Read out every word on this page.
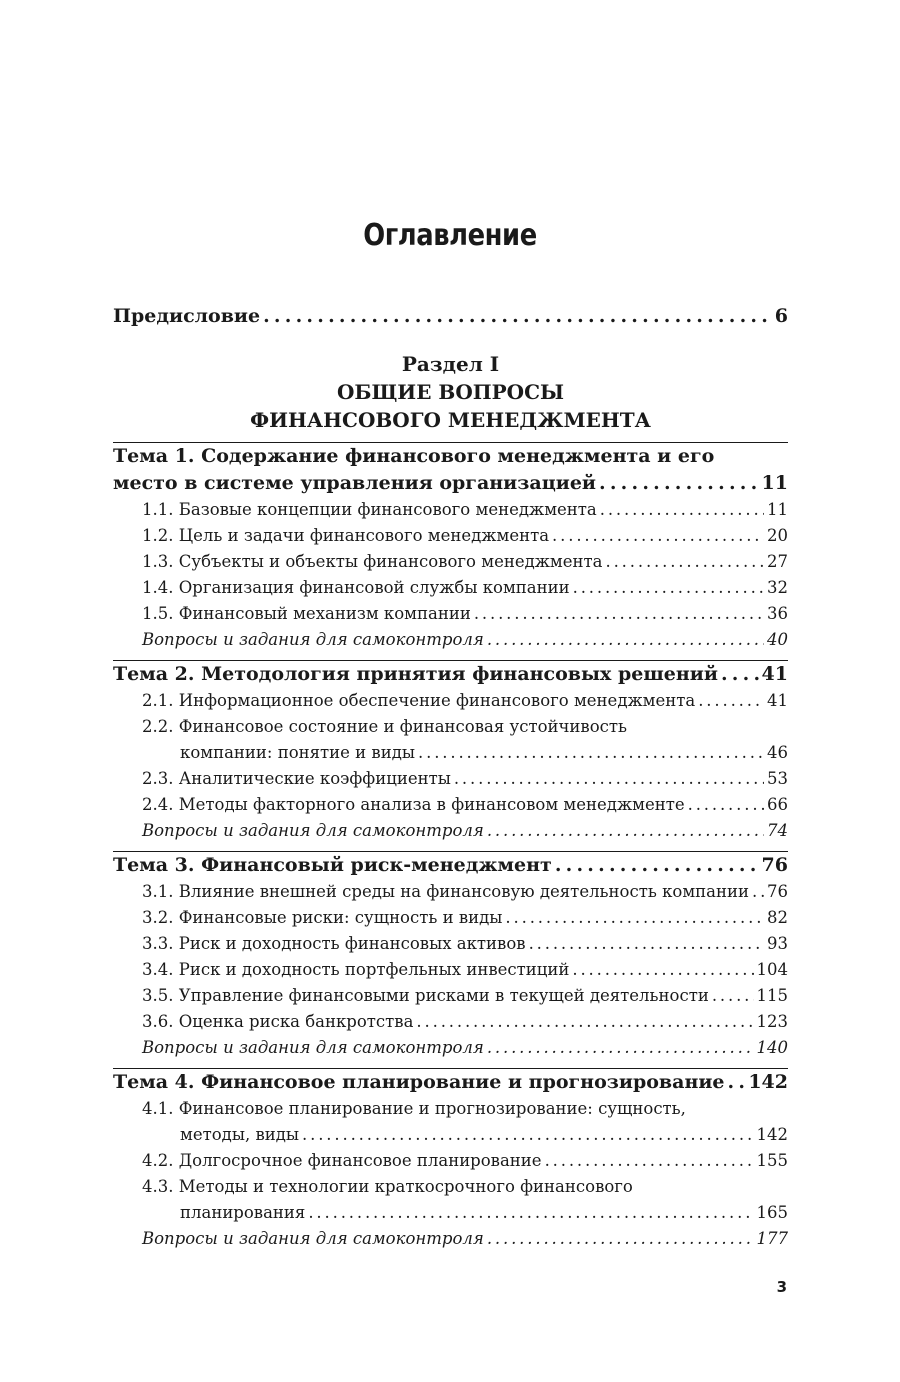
Оглавление
Предисловие . . .	6
Раздел I
ОБЩИЕ ВОПРОСЫ
ФИНАНСОВОГО МЕНЕДЖМЕНТА
Тема 1. Содержание финансового менеджмента и его
место в системе управления организацией . . .	11
1.1. Базовые концепции финансового менеджмента . . .	11
1.2. Цель и задачи финансового менеджмента . . .	20
1.3. Субъекты и объекты финансового менеджмента . . .	27
1.4. Организация финансовой службы компании . . .	32
1.5. Финансовый механизм компании . . .	36
Вопросы и задания для самоконтроля . . .	40
Тема 2. Методология принятия финансовых решений . . . 41
2.1. Информационное обеспечение финансового менеджмента . . .	41
2.2. Финансовое состояние и финансовая устойчивость
компании: понятие и виды . . .	46
2.3. Аналитические коэффициенты . . .	53
2.4. Методы факторного анализа в финансовом менеджменте . . .	66
Вопросы и задания для самоконтроля . . .	74
Тема 3. Финансовый риск-менеджмент . . .	76
3.1. Влияние внешней среды на финансовую деятельность компании . . . 76
3.2. Финансовые риски: сущность и виды . . .	82
3.3. Риск и доходность финансовых активов . . .	93
3.4. Риск и доходность портфельных инвестиций . . .	104
3.5. Управление финансовыми рисками в текущей деятельности . . .	115
3.6. Оценка риска банкротства . . .	123
Вопросы и задания для самоконтроля . . .	140
Тема 4. Финансовое планирование и прогнозирование . . . 142
4.1. Финансовое планирование и прогнозирование: сущность,
методы, виды . . .	142
4.2. Долгосрочное финансовое планирование . . .	155
4.3. Методы и технологии краткосрочного финансового
планирования . . .	165
Вопросы и задания для самоконтроля . . .	177
3
